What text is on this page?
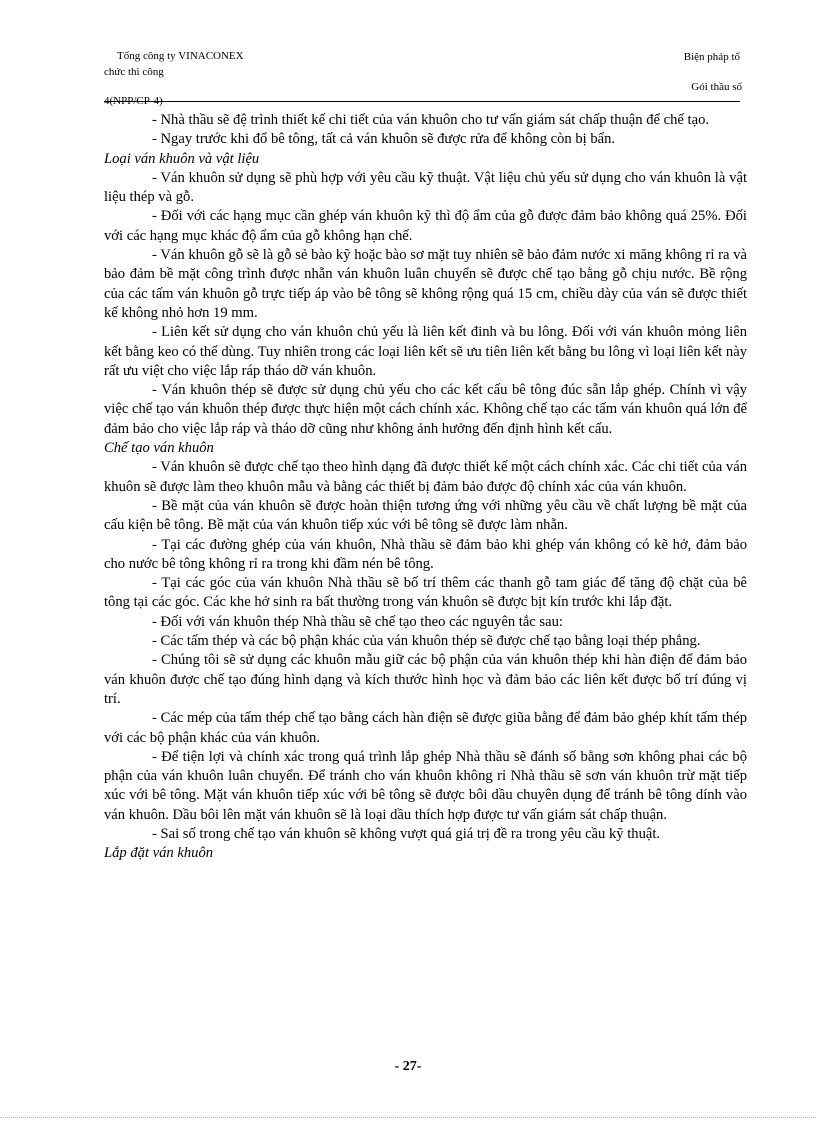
Tổng công ty VINACONEX
chức thi công
Biện pháp tổ
Gói thầu số
4(NPP/CP-4)

- Nhà thầu sẽ đệ trình thiết kế chi tiết của ván khuôn cho tư vấn giám sát chấp thuận để chế tạo.

- Ngay trước khi đổ bê tông, tất cả ván khuôn sẽ được rửa để không còn bị bẩn.

Loại ván khuôn và vật liệu

- Ván khuôn sử dụng sẽ phù hợp với yêu cầu kỹ thuật. Vật liệu chủ yếu sử dụng cho ván khuôn là vật liệu thép và gỗ.

- Đối với các hạng mục cần ghép ván khuôn kỹ thì độ ẩm của gỗ được đảm bảo không quá 25%. Đối với các hạng mục khác độ ẩm của gỗ không hạn chế.

- Ván khuôn gỗ sẽ là gỗ sẻ bào kỹ hoặc bào sơ mặt tuy nhiên sẽ bảo đảm nước xi măng không rỉ ra và bảo đảm bề mặt công trình được nhẵn ván khuôn luân chuyển sẽ được chế tạo bằng gỗ chịu nước. Bề rộng của các tấm ván khuôn gỗ trực tiếp áp vào bê tông sẽ không rộng quá 15 cm, chiều dày của ván sẽ được thiết kế không nhỏ hơn 19 mm.

- Liên kết sử dụng cho ván khuôn chủ yếu là liên kết đinh và bu lông. Đối với ván khuôn mỏng liên kết bằng keo có thể dùng. Tuy nhiên trong các loại liên kết sẽ ưu tiên liên kết bằng bu lông vì loại liên kết này rất ưu việt cho việc lắp ráp tháo dỡ ván khuôn.

- Ván khuôn thép sẽ được sử dụng chủ yếu cho các kết cấu bê tông đúc sẵn lắp ghép. Chính vì vậy việc chế tạo ván khuôn thép được thực hiện một cách chính xác. Không chế tạo các tấm ván khuôn quá lớn để đảm bảo cho việc lắp ráp và tháo dỡ cũng như không ảnh hưởng đến định hình kết cấu.

Chế tạo ván khuôn

- Ván khuôn sẽ được chế tạo theo hình dạng đã được thiết kế một cách chính xác. Các chi tiết của ván khuôn sẽ được làm theo khuôn mẫu và bằng các thiết bị đảm bảo được độ chính xác của ván khuôn.

- Bề mặt của ván khuôn sẽ được hoàn thiện tương ứng với những yêu cầu về chất lượng bề mặt của cấu kiện bê tông. Bề mặt của ván khuôn tiếp xúc với bê tông sẽ được làm nhẵn.

- Tại các đường ghép của ván khuôn, Nhà thầu sẽ đảm bảo khi ghép ván không có kẽ hở, đảm bảo cho nước bê tông không rỉ ra trong khi đầm nén bê tông.

- Tại các góc của ván khuôn Nhà thầu sẽ bố trí thêm các thanh gỗ tam giác để tăng độ chặt của bê tông tại các góc. Các khe hở sinh ra bất thường trong ván khuôn sẽ được bịt kín trước khi lắp đặt.

- Đối với ván khuôn thép Nhà thầu sẽ chế tạo theo các nguyên tắc sau:

- Các tấm thép và các bộ phận khác của ván khuôn thép sẽ được chế tạo bằng loại thép phẳng.

- Chúng tôi sẽ sử dụng các khuôn mẫu giữ các bộ phận của ván khuôn thép khi hàn điện để đảm bảo ván khuôn được chế tạo đúng hình dạng và kích thước hình học và đảm bảo các liên kết được bố trí đúng vị trí.

- Các mép của tấm thép chế tạo bằng cách hàn điện sẽ được giũa bằng để đảm bảo ghép khít tấm thép với các bộ phận khác của ván khuôn.

- Để tiện lợi và chính xác trong quá trình lắp ghép Nhà thầu sẽ đánh số bằng sơn không phai các bộ phận của ván khuôn luân chuyển. Để tránh cho ván khuôn không rỉ Nhà thầu sẽ sơn ván khuôn trừ mặt tiếp xúc với bê tông. Mặt ván khuôn tiếp xúc với bê tông sẽ được bôi dầu chuyên dụng để tránh bê tông dính vào ván khuôn. Dầu bôi lên mặt ván khuôn sẽ là loại dầu thích hợp được tư vấn giám sát chấp thuận.

- Sai số trong chế tạo ván khuôn sẽ không vượt quá giá trị đề ra trong yêu cầu kỹ thuật.

Lắp đặt ván khuôn

- 27-
